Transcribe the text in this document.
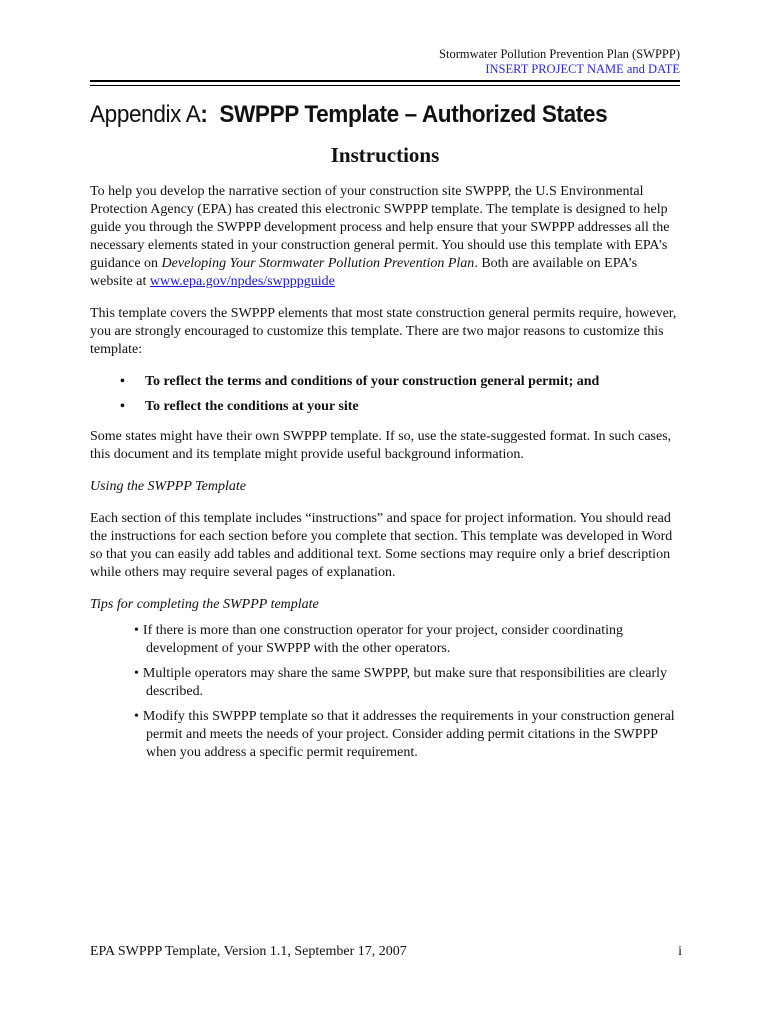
Stormwater Pollution Prevention Plan (SWPPP)
INSERT PROJECT NAME and DATE
Appendix A: SWPPP Template – Authorized States
Instructions

To help you develop the narrative section of your construction site SWPPP, the U.S Environmental Protection Agency (EPA) has created this electronic SWPPP template. The template is designed to help guide you through the SWPPP development process and help ensure that your SWPPP addresses all the necessary elements stated in your construction general permit. You should use this template with EPA’s guidance on Developing Your Stormwater Pollution Prevention Plan. Both are available on EPA’s website at www.epa.gov/npdes/swpppguide

This template covers the SWPPP elements that most state construction general permits require, however, you are strongly encouraged to customize this template. There are two major reasons to customize this template:

• To reflect the terms and conditions of your construction general permit; and
• To reflect the conditions at your site

Some states might have their own SWPPP template. If so, use the state-suggested format. In such cases, this document and its template might provide useful background information.

Using the SWPPP Template

Each section of this template includes “instructions” and space for project information. You should read the instructions for each section before you complete that section. This template was developed in Word so that you can easily add tables and additional text. Some sections may require only a brief description while others may require several pages of explanation.

Tips for completing the SWPPP template

• If there is more than one construction operator for your project, consider coordinating development of your SWPPP with the other operators.
• Multiple operators may share the same SWPPP, but make sure that responsibilities are clearly described.
• Modify this SWPPP template so that it addresses the requirements in your construction general permit and meets the needs of your project. Consider adding permit citations in the SWPPP when you address a specific permit requirement.
EPA SWPPP Template, Version 1.1, September 17, 2007	i
